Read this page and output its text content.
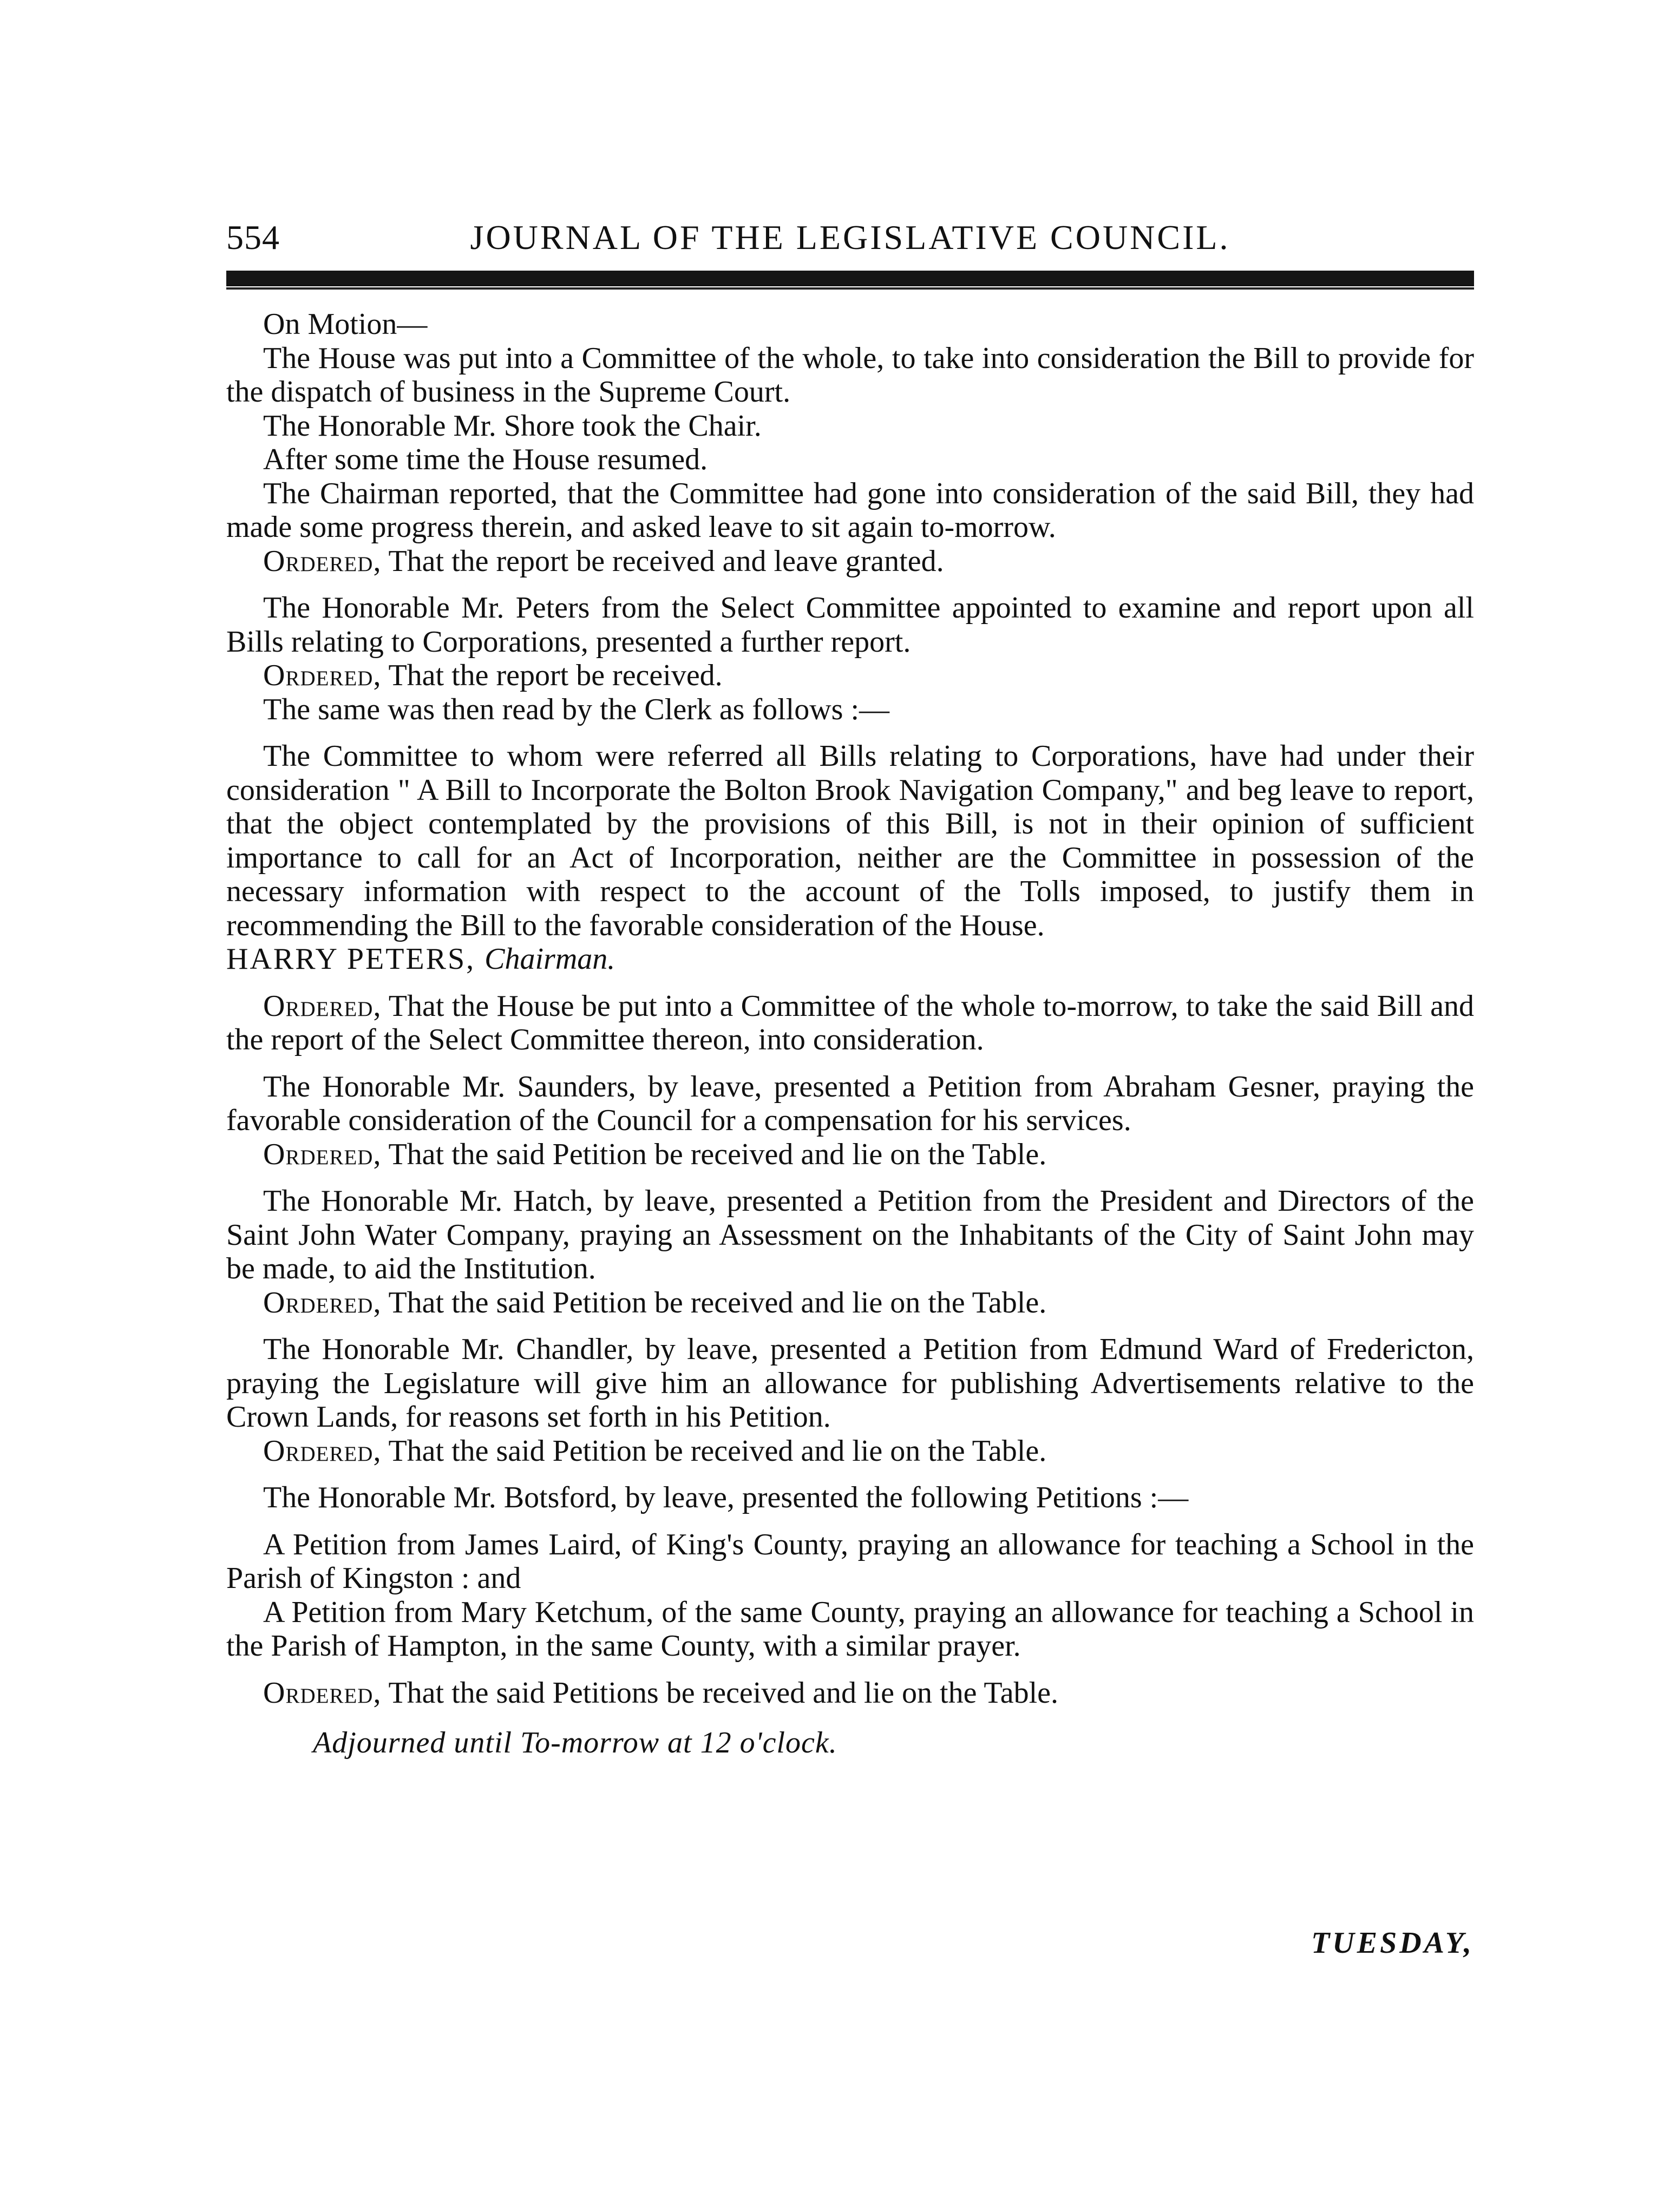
554	JOURNAL OF THE LEGISLATIVE COUNCIL.

On Motion—

The House was put into a Committee of the whole, to take into consideration the Bill to provide for the dispatch of business in the Supreme Court.

The Honorable Mr. Shore took the Chair.

After some time the House resumed.

The Chairman reported, that the Committee had gone into consideration of the said Bill, they had made some progress therein, and asked leave to sit again to-morrow.

Ordered, That the report be received and leave granted.

The Honorable Mr. Peters from the Select Committee appointed to examine and report upon all Bills relating to Corporations, presented a further report.

Ordered, That the report be received.

The same was then read by the Clerk as follows :—

The Committee to whom were referred all Bills relating to Corporations, have had under their consideration " A Bill to Incorporate the Bolton Brook Navigation Company," and beg leave to report, that the object contemplated by the provisions of this Bill, is not in their opinion of sufficient importance to call for an Act of Incorporation, neither are the Committee in possession of the necessary information with respect to the account of the Tolls imposed, to justify them in recommending the Bill to the favorable consideration of the House.

HARRY PETERS, Chairman.

Ordered, That the House be put into a Committee of the whole to-morrow, to take the said Bill and the report of the Select Committee thereon, into consideration.

The Honorable Mr. Saunders, by leave, presented a Petition from Abraham Gesner, praying the favorable consideration of the Council for a compensation for his services.

Ordered, That the said Petition be received and lie on the Table.

The Honorable Mr. Hatch, by leave, presented a Petition from the President and Directors of the Saint John Water Company, praying an Assessment on the Inhabitants of the City of Saint John may be made, to aid the Institution.

Ordered, That the said Petition be received and lie on the Table.

The Honorable Mr. Chandler, by leave, presented a Petition from Edmund Ward of Fredericton, praying the Legislature will give him an allowance for publishing Advertisements relative to the Crown Lands, for reasons set forth in his Petition.

Ordered, That the said Petition be received and lie on the Table.

The Honorable Mr. Botsford, by leave, presented the following Petitions :—

A Petition from James Laird, of King's County, praying an allowance for teaching a School in the Parish of Kingston : and

A Petition from Mary Ketchum, of the same County, praying an allowance for teaching a School in the Parish of Hampton, in the same County, with a similar prayer.

Ordered, That the said Petitions be received and lie on the Table.

Adjourned until To-morrow at 12 o'clock.

TUESDAY,
